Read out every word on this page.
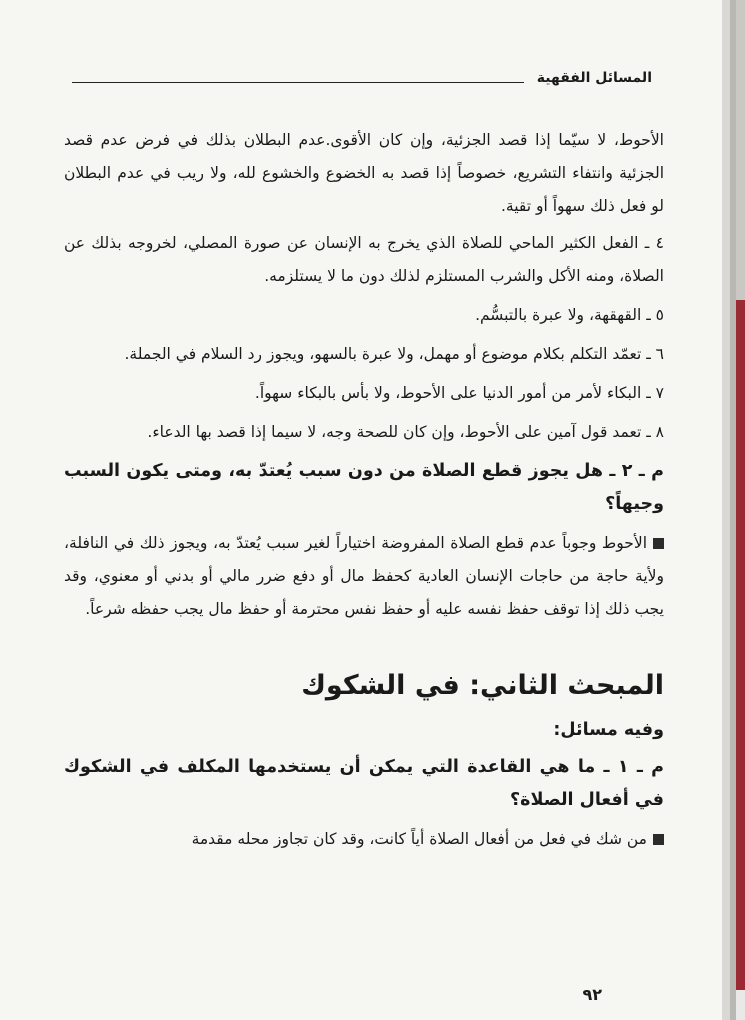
المسائل الفقهية

الأحوط، لا سيّما إذا قصد الجزئية، وإن كان الأقوى.عدم البطلان بذلك في فرض عدم قصد الجزئية وانتفاء التشريع، خصوصاً إذا قصد به الخضوع والخشوع لله، ولا ريب في عدم البطلان لو فعل ذلك سهواً أو تقية.

٤ ـ الفعل الكثير الماحي للصلاة الذي يخرج به الإنسان عن صورة المصلي، لخروجه بذلك عن الصلاة، ومنه الأكل والشرب المستلزم لذلك دون ما لا يستلزمه.

٥ ـ القهقهة، ولا عبرة بالتبسُّم.

٦ ـ تعمّد التكلم بكلام موضوع أو مهمل، ولا عبرة بالسهو، ويجوز رد السلام في الجملة.

٧ ـ البكاء لأمر من أمور الدنيا على الأحوط، ولا بأس بالبكاء سهواً.

٨ ـ تعمد قول آمين على الأحوط، وإن كان للصحة وجه، لا سيما إذا قصد بها الدعاء.

م ـ ٢ ـ هل يجوز قطع الصلاة من دون سبب يُعتدّ به، ومتى يكون السبب وجيهاً؟

الأحوط وجوباً عدم قطع الصلاة المفروضة اختياراً لغير سبب يُعتدّ به، ويجوز ذلك في النافلة، ولأية حاجة من حاجات الإنسان العادية كحفظ مال أو دفع ضرر مالي أو بدني أو معنوي، وقد يجب ذلك إذا توقف حفظ نفسه عليه أو حفظ نفس محترمة أو حفظ مال يجب حفظه شرعاً.

المبحث الثاني: في الشكوك
وفيه مسائل:

م ـ ١ ـ ما هي القاعدة التي يمكن أن يستخدمها المكلف في الشكوك في أفعال الصلاة؟

من شك في فعل من أفعال الصلاة أياً كانت، وقد كان تجاوز محله مقدمة

٩٢
